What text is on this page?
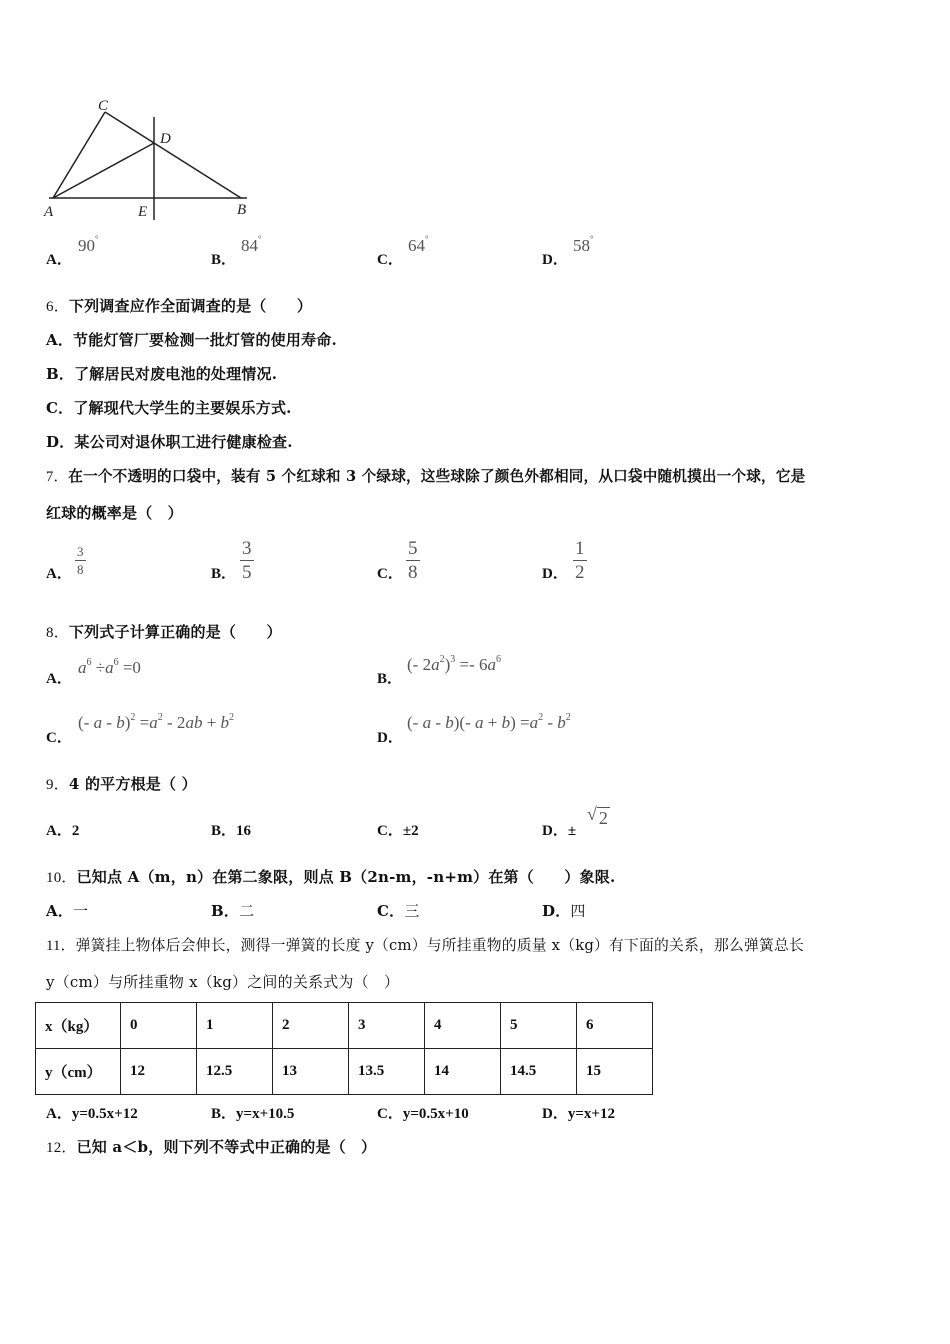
C
D
A	E	B
A．
90°
B．
84°
C．
64°
D．
58°
6．下列调查应作全面调查的是（　　）
A．节能灯管厂要检测一批灯管的使用寿命.
B．了解居民对废电池的处理情况.
C．了解现代大学生的主要娱乐方式.
D．某公司对退休职工进行健康检查.
7．在一个不透明的口袋中，装有 5 个红球和 3 个绿球，这些球除了颜色外都相同，从口袋中随机摸出一个球，它是
红球的概率是（　）
A． $\frac{3}{8}$	B． $\frac{3}{5}$	C． $\frac{5}{8}$	D． $\frac{1}{2}$
8．下列式子计算正确的是（　　）
A．
$a^6 \div a^6 =0$
B．
(- $2a^2)^3 =- 6a^6$
C．
(- $a - b)^2 =a^2 - 2ab + b^2$
D．
(- a - b)(- $a + b) =a^2 - b^2$
9．4 的平方根是（ ）
A．2	B．16	C．±2	D．±
√ 2
10．已知点 A（m，n）在第二象限，则点 B（2n-m，-n+m）在第（　　）象限.
A．一	B．二	C．三	D．四
11．弹簧挂上物体后会伸长，测得一弹簧的长度 y（cm）与所挂重物的质量 x（kg）有下面的关系，那么弹簧总长
y（cm）与所挂重物 x（kg）之间的关系式为（　）
x（kg）	0	1	2	3	4	5	6
y（cm）	12	12.5	13	13.5	14	14.5	15
A．y=0.5x+12	B．y=x+10.5	C．y=0.5x+10	D．y=x+12
12．已知 a＜b，则下列不等式中正确的是（　）
